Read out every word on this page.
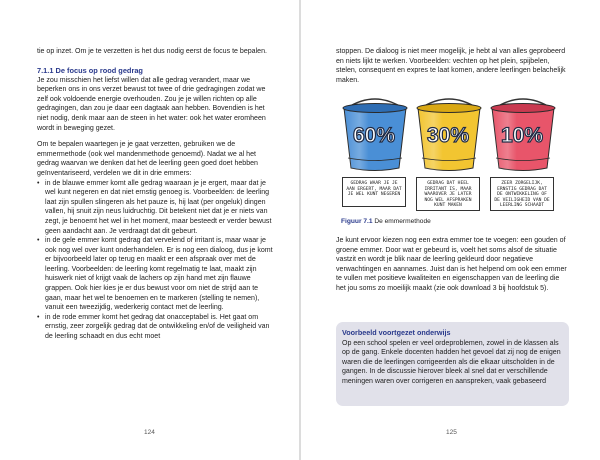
tie op inzet. Om je te verzetten is het dus nodig eerst de focus te bepalen.

7.1.1 De focus op rood gedrag

Je zou misschien het liefst willen dat alle gedrag verandert, maar we beperken ons in ons verzet bewust tot twee of drie gedragingen zodat we zelf ook voldoende energie overhouden. Zou je je willen richten op alle gedragingen, dan zou je daar een dagtaak aan hebben. Bovendien is het niet nodig, denk maar aan de steen in het water: ook het water eromheen wordt in beweging gezet.

Om te bepalen waartegen je je gaat verzetten, gebruiken we de emmermethode (ook wel mandenmethode genoemd). Nadat we al het gedrag waarvan we denken dat het de leerling geen goed doet hebben geïnventariseerd, verdelen we dit in drie emmers:

• in de blauwe emmer komt alle gedrag waaraan je je ergert, maar dat je wel kunt negeren en dat niet ernstig genoeg is. Voorbeelden: de leerling laat zijn spullen slingeren als het pauze is, hij laat (per ongeluk) dingen vallen, hij snuit zijn neus luidruchtig. Dit betekent niet dat je er niets van zegt, je benoemt het wel in het moment, maar besteedt er verder bewust geen aandacht aan. Je verdraagt dat dit gebeurt.
• in de gele emmer komt gedrag dat vervelend of irritant is, maar waar je ook nog wel over kunt onderhandelen. Er is nog een dialoog, dus je komt er bijvoorbeeld later op terug en maakt er een afspraak over met de leerling. Voorbeelden: de leerling komt regelmatig te laat, maakt zijn huiswerk niet of krijgt vaak de lachers op zijn hand met zijn flauwe grappen. Ook hier kies je er dus bewust voor om niet de strijd aan te gaan, maar het wel te benoemen en te markeren (stelling te nemen), vanuit een tweezijdig, wederkerig contact met de leerling.
• in de rode emmer komt het gedrag dat onacceptabel is. Het gaat om ernstig, zeer zorgelijk gedrag dat de ontwikkeling en/of de veiligheid van de leerling schaadt en dus echt moet
124

stoppen. De dialoog is niet meer mogelijk, je hebt al van alles geprobeerd en niets lijkt te werken. Voorbeelden: vechten op het plein, spijbelen, stelen, consequent en expres te laat komen, andere leerlingen belachelijk maken.

60% 30% 10%
GEDRAG WAAR JE JE AAN ERGERT, MAAR DAT JE WEL KUNT NEGEREN
GEDRAG DAT HEEL IRRITANT IS, MAAR WAAROVER JE LATER NOG WEL AFSPRAKEN KUNT MAKEN
ZEER ZORGELIJK, ERNSTIG GEDRAG DAT DE ONTWIKKELING OF DE VEILIGHEID VAN DE LEERLING SCHAADT
Figuur 7.1 De emmermethode

Je kunt ervoor kiezen nog een extra emmer toe te voegen: een gouden of groene emmer. Door wat er gebeurd is, voelt het soms alsof de situatie vastzit en wordt je blik naar de leerling gekleurd door negatieve verwachtingen en aannames. Juist dan is het helpend om ook een emmer te vullen met positieve kwaliteiten en eigenschappen van de leerling die het jou soms zo moeilijk maakt (zie ook download 3 bij hoofdstuk 5).

Voorbeeld voortgezet onderwijs

Op een school spelen er veel ordeproblemen, zowel in de klassen als op de gang. Enkele docenten hadden het gevoel dat zij nog de enigen waren die de leerlingen corrigeerden als die elkaar uitscholden in de gangen. In de discussie hierover bleek al snel dat er verschillende meningen waren over corrigeren en aanspreken, vaak gebaseerd

125
